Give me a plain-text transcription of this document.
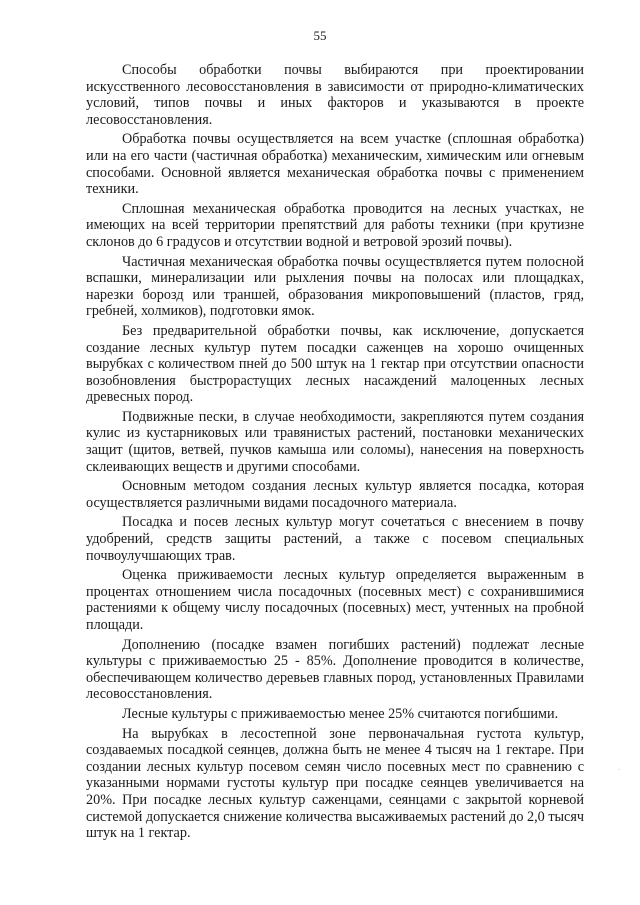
55

Способы обработки почвы выбираются при проектировании искусственного лесовосстановления в зависимости от природно-климатических условий, типов почвы и иных факторов и указываются в проекте лесовосстановления.

Обработка почвы осуществляется на всем участке (сплошная обработка) или на его части (частичная обработка) механическим, химическим или огневым способами. Основной является механическая обработка почвы с применением техники.

Сплошная механическая обработка проводится на лесных участках, не имеющих на всей территории препятствий для работы техники (при крутизне склонов до 6 градусов и отсутствии водной и ветровой эрозий почвы).

Частичная механическая обработка почвы осуществляется путем полосной вспашки, минерализации или рыхления почвы на полосах или площадках, нарезки борозд или траншей, образования микроповышений (пластов, гряд, гребней, холмиков), подготовки ямок.

Без предварительной обработки почвы, как исключение, допускается создание лесных культур путем посадки саженцев на хорошо очищенных вырубках с количеством пней до 500 штук на 1 гектар при отсутствии опасности возобновления быстрорастущих лесных насаждений малоценных лесных древесных пород.

Подвижные пески, в случае необходимости, закрепляются путем создания кулис из кустарниковых или травянистых растений, постановки механических защит (щитов, ветвей, пучков камыша или соломы), нанесения на поверхность склеивающих веществ и другими способами.

Основным методом создания лесных культур является посадка, которая осуществляется различными видами посадочного материала.

Посадка и посев лесных культур могут сочетаться с внесением в почву удобрений, средств защиты растений, а также с посевом специальных почвоулучшающих трав.

Оценка приживаемости лесных культур определяется выраженным в процентах отношением числа посадочных (посевных мест) с сохранившимися растениями к общему числу посадочных (посевных) мест, учтенных на пробной площади.

Дополнению (посадке взамен погибших растений) подлежат лесные культуры с приживаемостью 25 - 85%. Дополнение проводится в количестве, обеспечивающем количество деревьев главных пород, установленных Правилами лесовосстановления.

Лесные культуры с приживаемостью менее 25% считаются погибшими.

На вырубках в лесостепной зоне первоначальная густота культур, создаваемых посадкой сеянцев, должна быть не менее 4 тысяч на 1 гектаре. При создании лесных культур посевом семян число посевных мест по сравнению с указанными нормами густоты культур при посадке сеянцев увеличивается на 20%. При посадке лесных культур саженцами, сеянцами с закрытой корневой системой допускается снижение количества высаживаемых растений до 2,0 тысяч штук на 1 гектар.

·
